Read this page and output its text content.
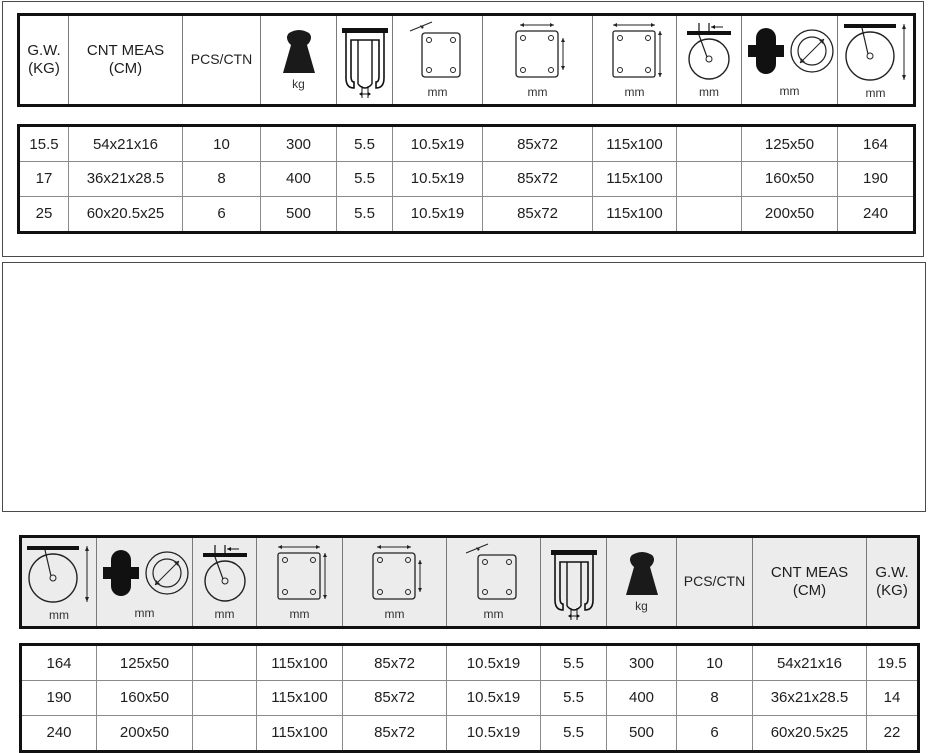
G.W. (KG)	CNT MEAS (CM)	PCS/CTN	
kg

mm	mm	mm	mm	mm	mm
15.5	54x21x16	10	300	5.5	10.5x19	85x72	115x100		125x50	164
17	36x21x28.5	8	400	5.5	10.5x19	85x72	115x100		160x50	190
25	60x20.5x25	6	500	5.5	10.5x19	85x72	115x100		200x50	240
mm	mm	mm	mm	mm	mm

kg
	PCS/CTN	CNT MEAS (CM)	G.W. (KG)
164	125x50		115x100	85x72	10.5x19	5.5	300	10	54x21x16	19.5
190	160x50		115x100	85x72	10.5x19	5.5	400	8	36x21x28.5	14
240	200x50		115x100	85x72	10.5x19	5.5	500	6	60x20.5x25	22
